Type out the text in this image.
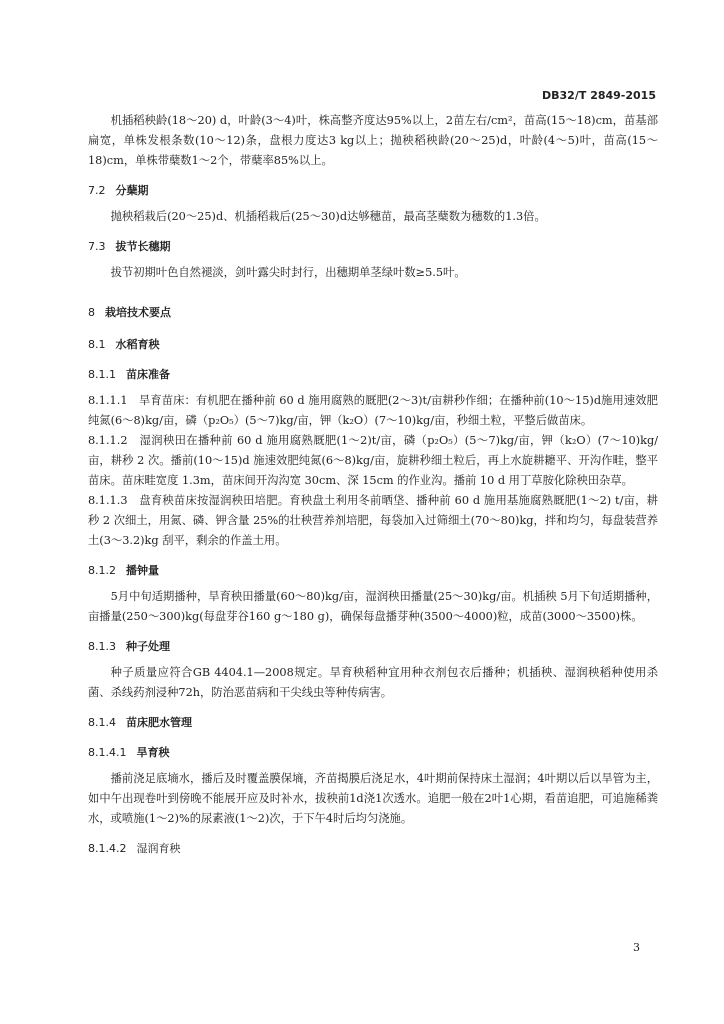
DB32/T 2849-2015

机插稻秧龄(18～20) d，叶龄(3～4)叶，株高整齐度达95%以上，2苗左右/cm²，苗高(15～18)cm，苗基部扁宽，单株发根条数(10～12)条，盘根力度达3 kg以上；抛秧稻秧龄(20～25)d，叶龄(4～5)叶，苗高(15～18)cm，单株带蘖数1～2个，带蘖率85%以上。

7.2 分蘖期

抛秧稻栽后(20～25)d、机插稻栽后(25～30)d达够穗苗，最高茎蘖数为穗数的1.3倍。

7.3 拔节长穗期

拔节初期叶色自然褪淡，剑叶露尖时封行，出穗期单茎绿叶数≥5.5叶。

8 栽培技术要点
8.1 水稻育秧
8.1.1 苗床准备

8.1.1.1　 旱育苗床：有机肥在播种前 60 d 施用腐熟的厩肥(2～3)t/亩耕秒作细；在播种前(10～15)d施用速效肥纯氮(6～8)kg/亩，磷（p₂O₅）(5～7)kg/亩，钾（k₂O）(7～10)kg/亩，秒细土粒，平整后做苗床。

8.1.1.2　 湿润秧田在播种前 60 d 施用腐熟厩肥(1～2)t/亩，磷（p₂O₅）(5～7)kg/亩，钾（k₂O）(7～10)kg/亩，耕秒 2 次。播前(10～15)d 施速效肥纯氮(6～8)kg/亩，旋耕秒细土粒后，再上水旋耕耱平、开沟作畦，整平苗床。苗床畦宽度 1.3m，苗床间开沟沟宽 30cm、深 15cm 的作业沟。播前 10 d 用丁草胺化除秧田杂草。

8.1.1.3　 盘育秧苗床按湿润秧田培肥。育秧盘土利用冬前晒垡、播种前 60 d 施用基施腐熟厩肥(1～2) t/亩，耕秒 2 次细土，用氮、磷、钾含量 25%的壮秧营养剂培肥，每袋加入过筛细土(70～80)kg，拌和均匀，每盘装营养土(3～3.2)kg 刮平，剩余的作盖土用。

8.1.2 播钟量

5月中旬适期播种，旱育秧田播量(60～80)kg/亩，湿润秧田播量(25～30)kg/亩。机插秧 5月下旬适期播种，亩播量(250～300)kg(每盘芽谷160 g～180 g)，确保每盘播芽种(3500～4000)粒，成苗(3000～3500)株。

8.1.3 种子处理

种子质量应符合GB 4404.1—2008规定。旱育秧稻种宜用种衣剂包衣后播种；机插秧、湿润秧稻种使用杀菌、杀线药剂浸种72h，防治恶苗病和干尖线虫等种传病害。

8.1.4 苗床肥水管理
8.1.4.1 旱育秧

播前浇足底墒水，播后及时覆盖膜保墒，齐苗揭膜后浇足水，4叶期前保持床土湿润；4叶期以后以旱管为主，如中午出现卷叶到傍晚不能展开应及时补水，拔秧前1d浇1次透水。追肥一般在2叶1心期，看苗追肥，可追施稀粪水，或喷施(1～2)%的尿素液(1～2)次，于下午4时后均匀浇施。

8.1.4.2 湿润育秧
3
